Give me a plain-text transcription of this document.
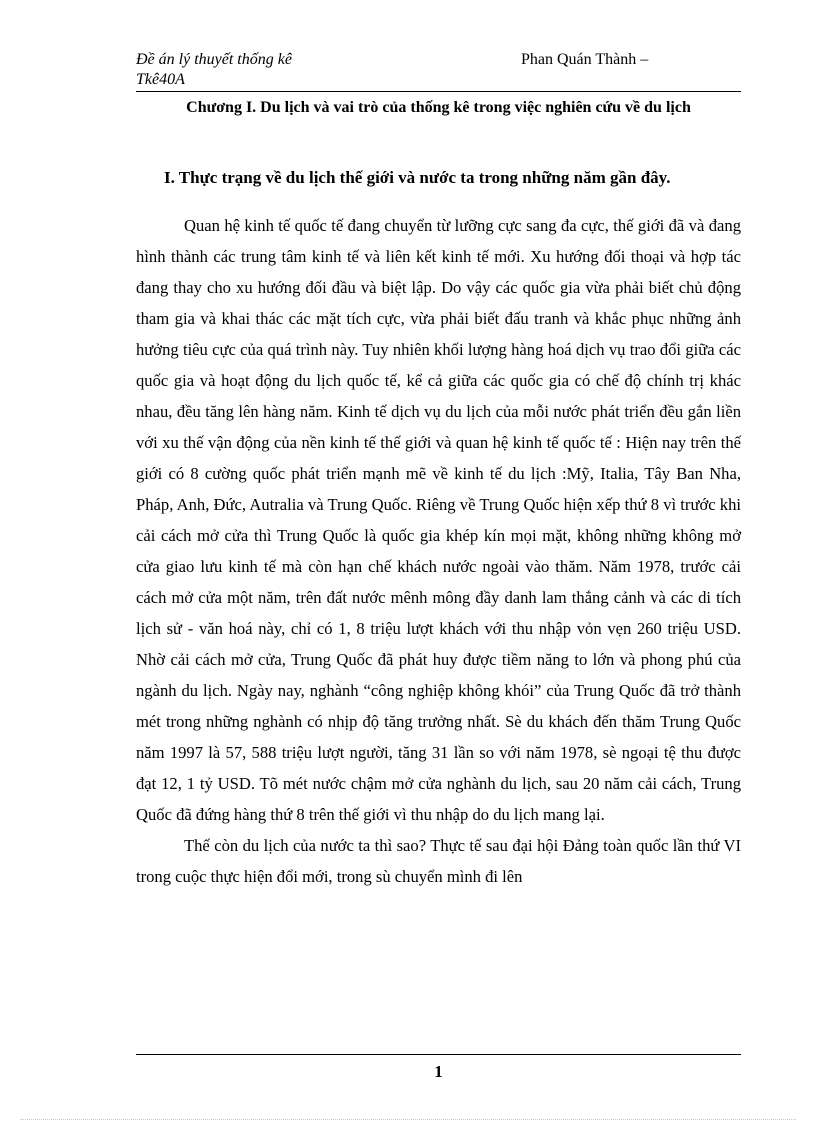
Đề án lý thuyết thống kê Tkê40A
Phan Quán Thành –
Chương I. Du lịch và vai trò của thống kê trong việc nghiên cứu về du lịch
I. Thực trạng về du lịch thế giới và nước ta trong những năm gần đây.

Quan hệ kinh tế quốc tế đang chuyển từ lưỡng cực sang đa cực, thế giới đã và đang hình thành các trung tâm kinh tế và liên kết kinh tế mới. Xu hướng đối thoại và hợp tác đang thay cho xu hướng đối đầu và biệt lập. Do vậy các quốc gia vừa phải biết chủ động tham gia và khai thác các mặt tích cực, vừa phải biết đấu tranh và khắc phục những ảnh hưởng tiêu cực của quá trình này. Tuy nhiên khối lượng hàng hoá dịch vụ trao đổi giữa các quốc gia và hoạt động du lịch quốc tế, kể cả giữa các quốc gia có chế độ chính trị khác nhau, đều tăng lên hàng năm. Kinh tế dịch vụ du lịch của mỗi nước phát triển đều gắn liền với xu thế vận động của nền kinh tế thế giới và quan hệ kinh tế quốc tế : Hiện nay trên thế giới có 8 cường quốc phát triển mạnh mẽ về kinh tế du lịch :Mỹ, Italia, Tây Ban Nha, Pháp, Anh, Đức, Autralia và Trung Quốc. Riêng về Trung Quốc hiện xếp thứ 8 vì trước khi cải cách mở cửa thì Trung Quốc là quốc gia khép kín mọi mặt, không những không mở cửa giao lưu kinh tế mà còn hạn chế khách nước ngoài vào thăm. Năm 1978, trước cải cách mở cửa một năm, trên đất nước mênh mông đầy danh lam thắng cảnh và các di tích lịch sử - văn hoá này, chỉ có 1, 8 triệu lượt khách với thu nhập vỏn vẹn 260 triệu USD. Nhờ cải cách mở cửa, Trung Quốc đã phát huy được tiềm năng to lớn và phong phú của ngành du lịch. Ngày nay, nghành “công nghiệp không khói” của Trung Quốc đã trở thành mét trong những nghành có nhịp độ tăng trưởng nhất. Sè du khách đến thăm Trung Quốc năm 1997 là 57, 588 triệu lượt người, tăng 31 lần so với năm 1978, sè ngoại tệ thu được đạt 12, 1 tỷ USD. Tõ mét nước chậm mở cửa nghành du lịch, sau 20 năm cải cách, Trung Quốc đã đứng hàng thứ 8 trên thế giới vì thu nhập do du lịch mang lại.

Thế còn du lịch của nước ta thì sao? Thực tế sau đại hội Đảng toàn quốc lần thứ VI trong cuộc thực hiện đổi mới, trong sù chuyển mình đi lên

1
